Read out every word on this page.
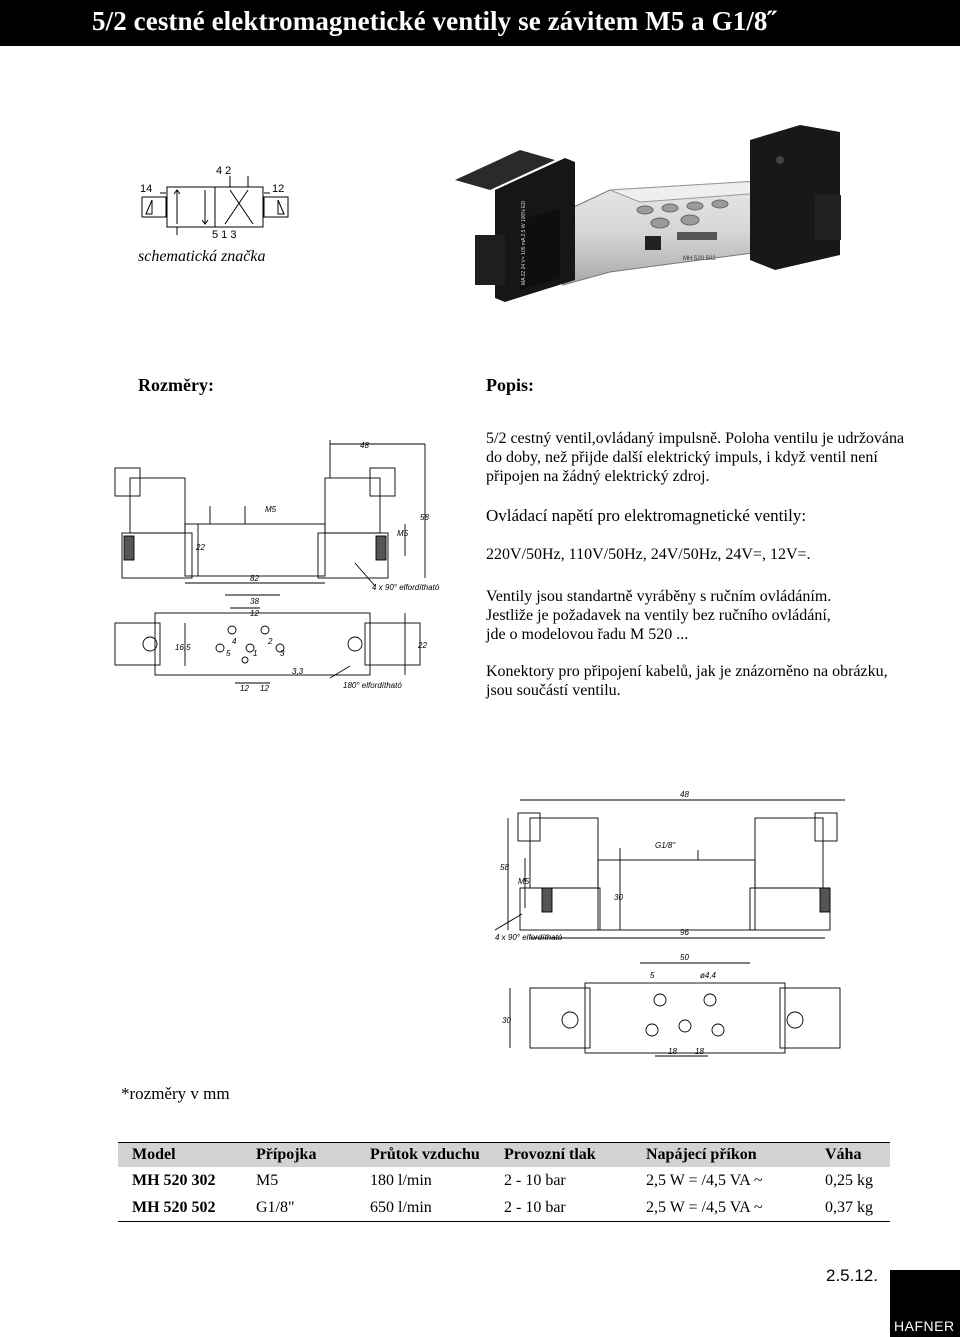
5/2 cestné elektromagnetické ventily se závitem M5 a G1/8˝
4 2
5 1 3
14	12
schematická značka	MH 520 502
MA 22 24 V= 105 mA 2,5 W 100% ED
Rozměry:	Popis:
5/2 cestný ventil,ovládaný impulsně. Poloha ventilu je udržována do doby, než přijde další elektrický impuls, i když ventil není připojen na žádný elektrický zdroj.
Ovládací napětí pro elektromagnetické ventily:
220V/50Hz, 110V/50Hz, 24V/50Hz, 24V=, 12V=.
Ventily jsou standartně vyráběny s ručním ovládáním.
Jestliže je požadavek na ventily bez ručního ovládání,
jde o modelovou řadu M 520 ...
Konektory pro připojení kabelů, jak je znázorněno na obrázku, jsou součástí ventilu.
48
M5
58
22
M5
82
4 x 90° elfordítható
38
12
16,5	22
3,3
12 12	180° elfordítható
4	2
5	1	3
48
G1/8"
58
M5
30
96
4 x 90° elfordítható
50
5	ø4,4
30
18 18
*rozměry v mm
Model	Přípojka	Průtok vzduchu	Provozní tlak	Napájecí příkon	Váha
MH 520 302	M5	180 l/min	2 - 10 bar	2,5 W = /4,5 VA ~	0,25 kg
MH 520 502	G1/8"	650 l/min	2 - 10 bar	2,5 W = /4,5 VA ~	0,37 kg
2.5.12.
HAFNER
